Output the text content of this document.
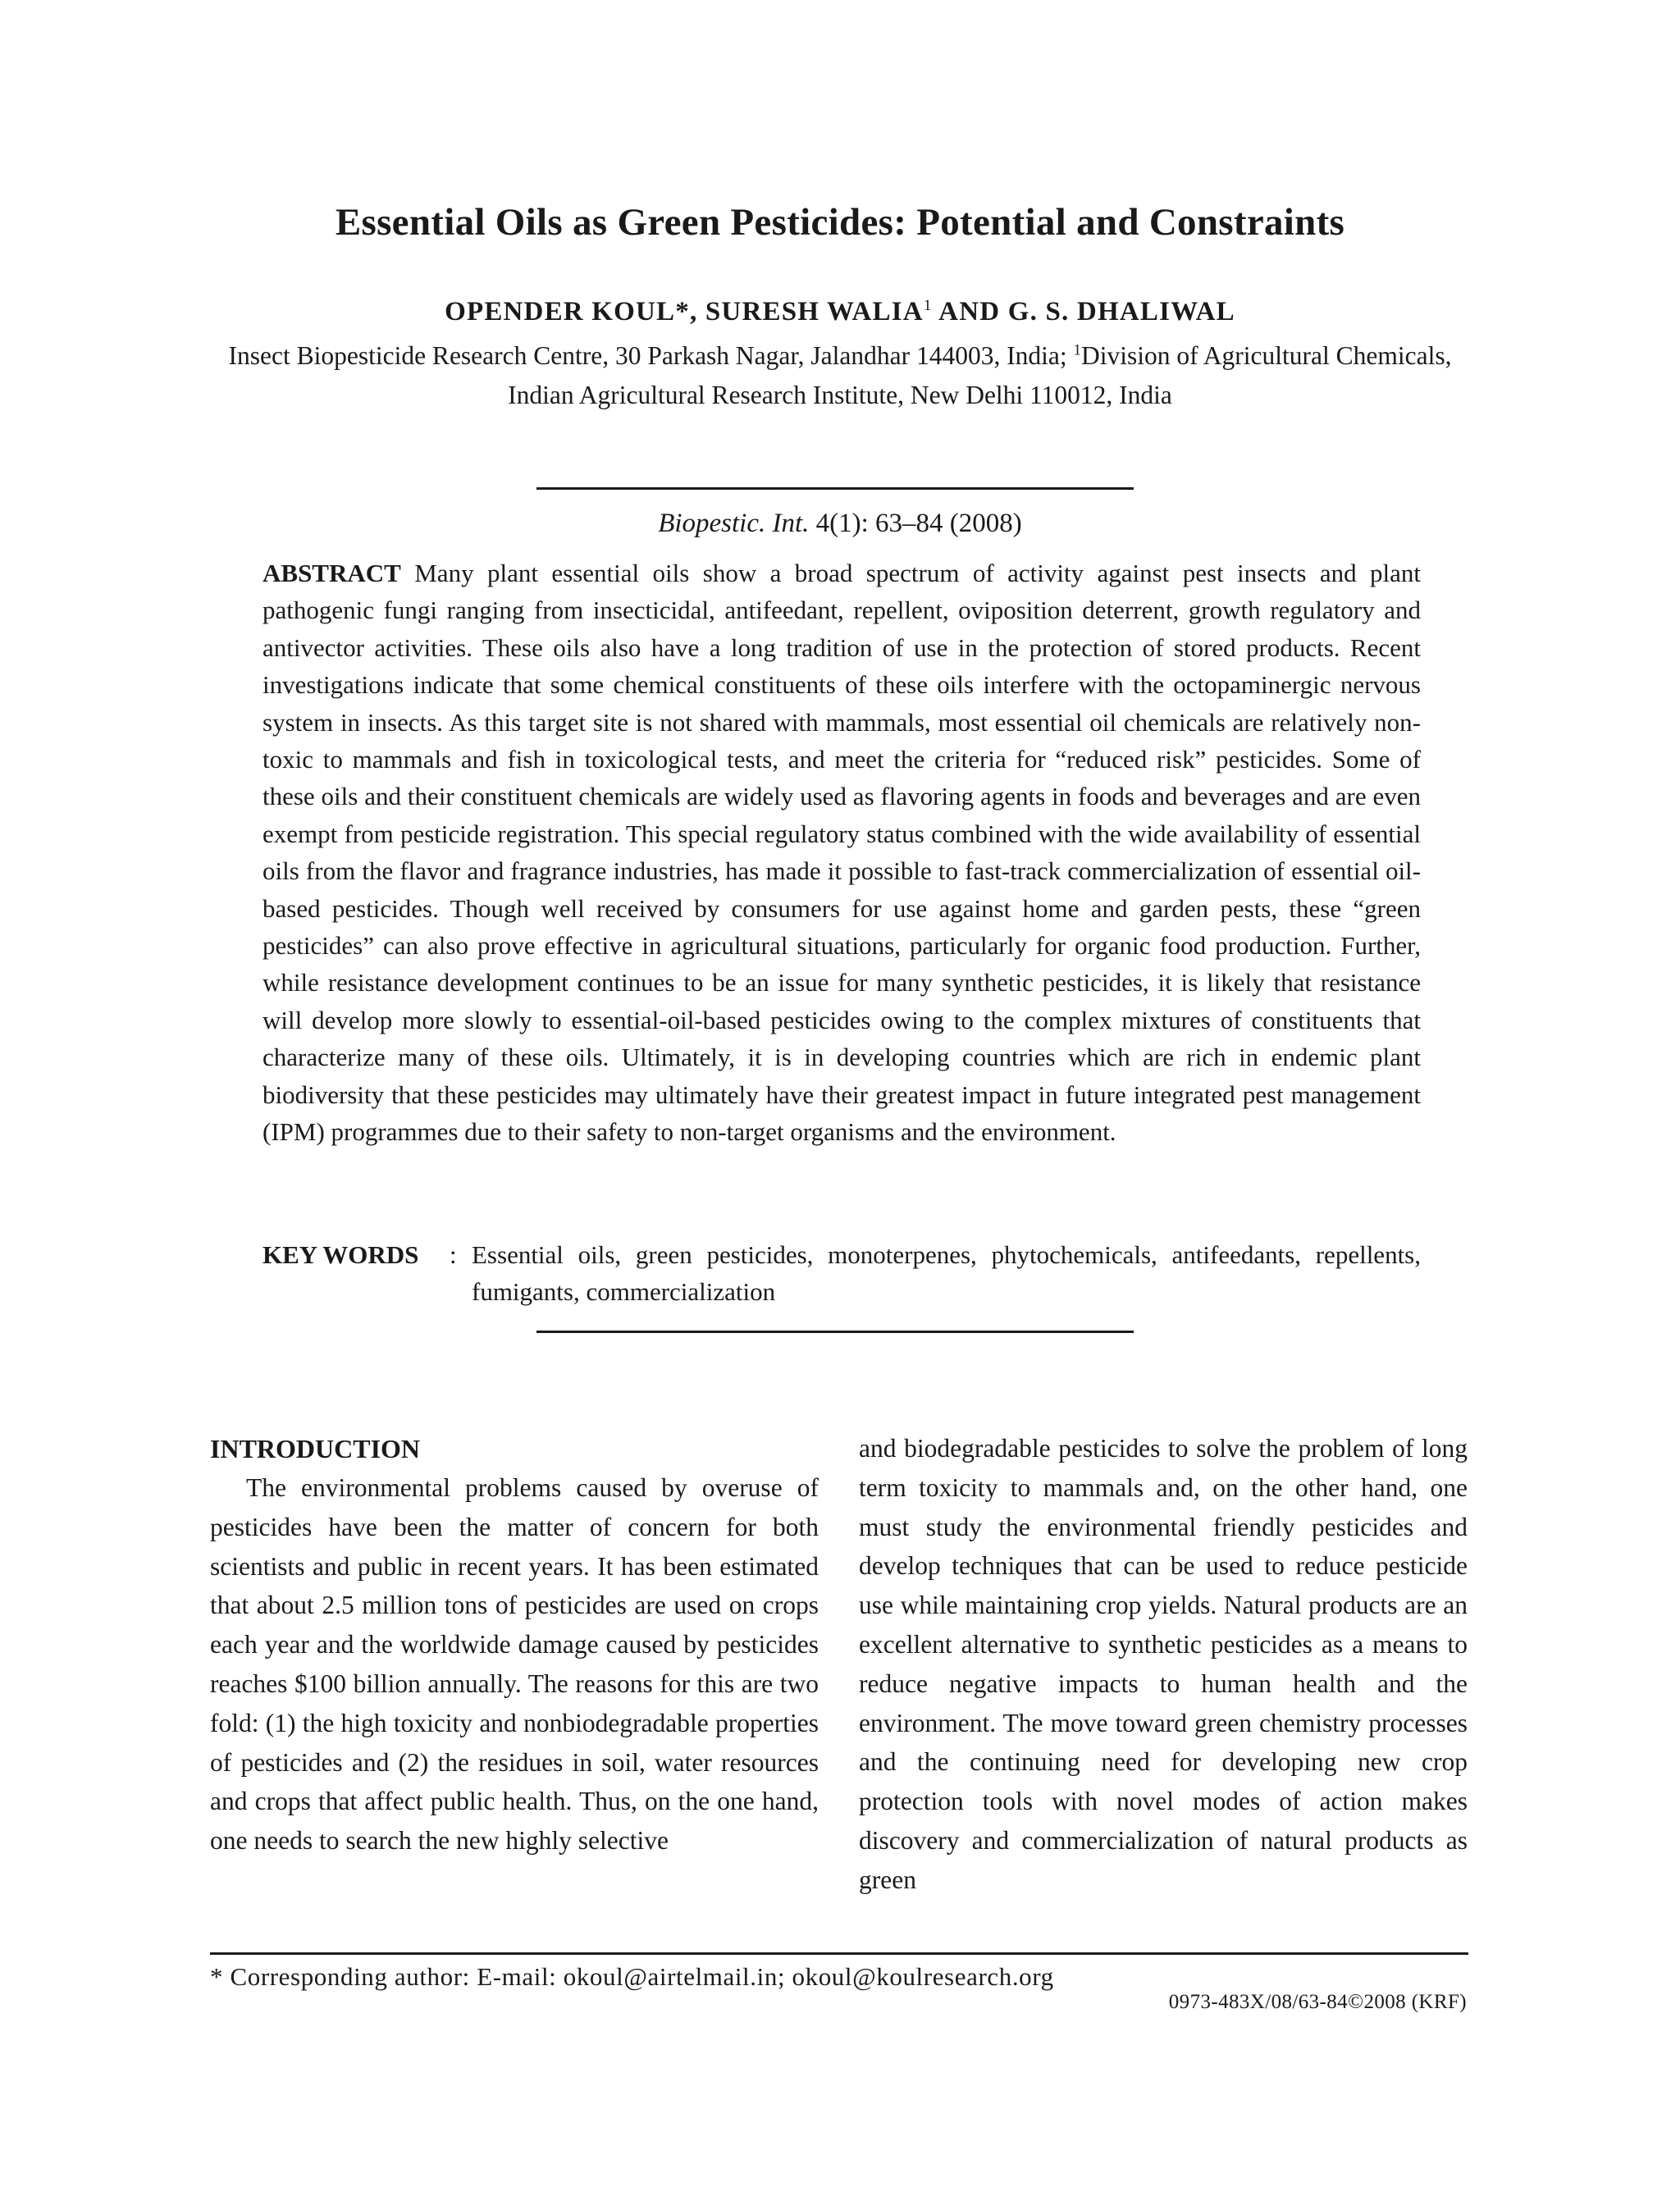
Essential Oils as Green Pesticides: Potential and Constraints
OPENDER KOUL*, SURESH WALIA$^1$ AND G. S. DHALIWAL
Insect Biopesticide Research Centre, 30 Parkash Nagar, Jalandhar 144003, India; $^1$Division of Agricultural Chemicals, Indian Agricultural Research Institute, New Delhi 110012, India
Biopestic. Int. 4(1): 63–84 (2008)
ABSTRACT Many plant essential oils show a broad spectrum of activity against pest insects and plant pathogenic fungi ranging from insecticidal, antifeedant, repellent, oviposition deterrent, growth regulatory and antivector activities. These oils also have a long tradition of use in the protection of stored products. Recent investigations indicate that some chemical constituents of these oils interfere with the octopaminergic nervous system in insects. As this target site is not shared with mammals, most essential oil chemicals are relatively non-toxic to mammals and fish in toxicological tests, and meet the criteria for “reduced risk” pesticides. Some of these oils and their constituent chemicals are widely used as flavoring agents in foods and beverages and are even exempt from pesticide registration. This special regulatory status combined with the wide availability of essential oils from the flavor and fragrance industries, has made it possible to fast-track commercialization of essential oil-based pesticides. Though well received by consumers for use against home and garden pests, these “green pesticides” can also prove effective in agricultural situations, particularly for organic food production. Further, while resistance development continues to be an issue for many synthetic pesticides, it is likely that resistance will develop more slowly to essential-oil-based pesticides owing to the complex mixtures of constituents that characterize many of these oils. Ultimately, it is in developing countries which are rich in endemic plant biodiversity that these pesticides may ultimately have their greatest impact in future integrated pest management (IPM) programmes due to their safety to non-target organisms and the environment.
KEY WORDS : Essential oils, green pesticides, monoterpenes, phytochemicals, antifeedants, repellents, fumigants, commercialization
INTRODUCTION

The environmental problems caused by overuse of pesticides have been the matter of concern for both scientists and public in recent years. It has been estimated that about 2.5 million tons of pesticides are used on crops each year and the worldwide damage caused by pesticides reaches $100 billion annually. The reasons for this are two fold: (1) the high toxicity and nonbiodegradable properties of pesticides and (2) the residues in soil, water resources and crops that affect public health. Thus, on the one hand, one needs to search the new highly selective

and biodegradable pesticides to solve the problem of long term toxicity to mammals and, on the other hand, one must study the environmental friendly pesticides and develop techniques that can be used to reduce pesticide use while maintaining crop yields. Natural products are an excellent alternative to synthetic pesticides as a means to reduce negative impacts to human health and the environment. The move toward green chemistry processes and the continuing need for developing new crop protection tools with novel modes of action makes discovery and commercialization of natural products as green

* Corresponding author: E-mail: okoul@airtelmail.in; okoul@koulresearch.org
0973-483X/08/63-84©2008 (KRF)
